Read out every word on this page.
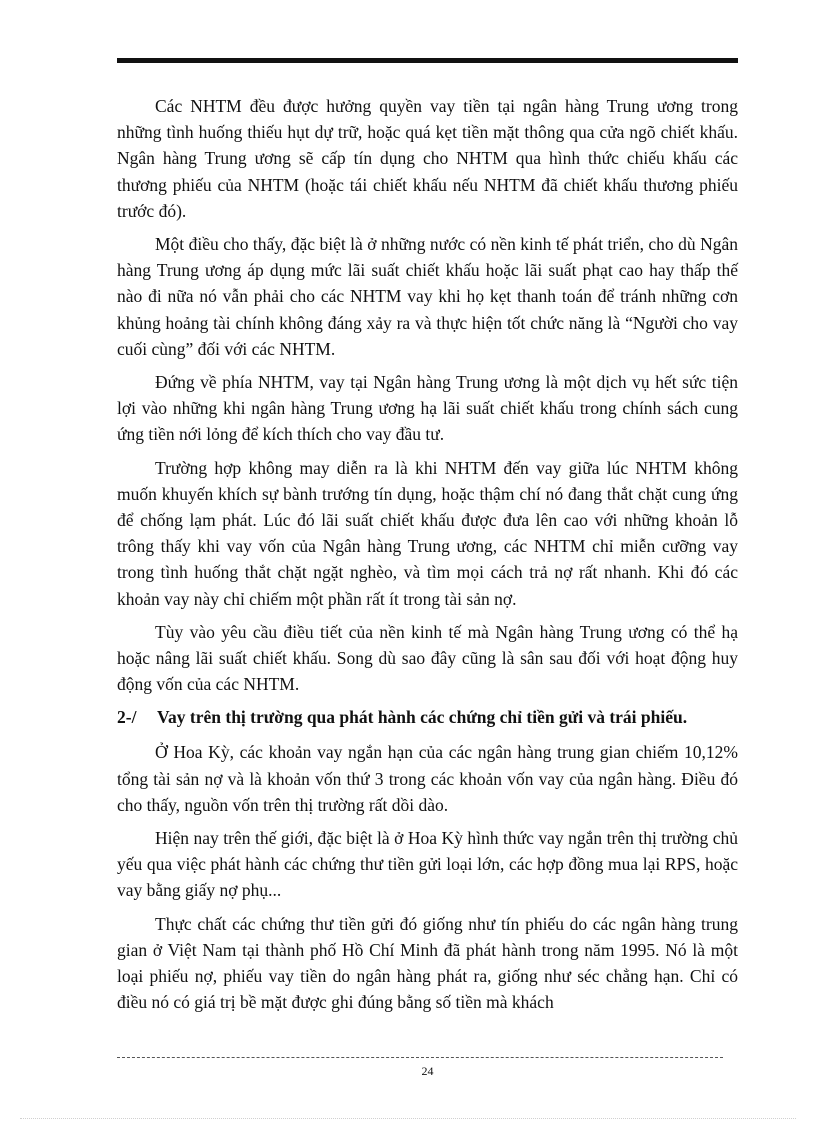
Các NHTM đều được hưởng quyền vay tiền tại ngân hàng Trung ương trong những tình huống thiếu hụt dự trữ, hoặc quá kẹt tiền mặt thông qua cửa ngõ chiết khấu. Ngân hàng Trung ương sẽ cấp tín dụng cho NHTM qua hình thức chiếu khấu các thương phiếu của NHTM (hoặc tái chiết khấu nếu NHTM đã chiết khấu thương phiếu trước đó).

Một điều cho thấy, đặc biệt là ở những nước có nền kinh tế phát triển, cho dù Ngân hàng Trung ương áp dụng mức lãi suất chiết khấu hoặc lãi suất phạt cao hay thấp thế nào đi nữa nó vẫn phải cho các NHTM vay khi họ kẹt thanh toán để tránh những cơn khủng hoảng tài chính không đáng xảy ra và thực hiện tốt chức năng là “Người cho vay cuối cùng” đối với các NHTM.

Đứng về phía NHTM, vay tại Ngân hàng Trung ương là một dịch vụ hết sức tiện lợi vào những khi ngân hàng Trung ương hạ lãi suất chiết khấu trong chính sách cung ứng tiền nới lỏng để kích thích cho vay đầu tư.

Trường hợp không may diễn ra là khi NHTM đến vay giữa lúc NHTM không muốn khuyến khích sự bành trướng tín dụng, hoặc thậm chí nó đang thắt chặt cung ứng để chống lạm phát. Lúc đó lãi suất chiết khấu được đưa lên cao với những khoản lỗ trông thấy khi vay vốn của Ngân hàng Trung ương, các NHTM chỉ miễn cưỡng vay trong tình huống thắt chặt ngặt nghèo, và tìm mọi cách trả nợ rất nhanh. Khi đó các khoản vay này chỉ chiếm một phần rất ít trong tài sản nợ.

Tùy vào yêu cầu điều tiết của nền kinh tế mà Ngân hàng Trung ương có thể hạ hoặc nâng lãi suất chiết khấu. Song dù sao đây cũng là sân sau đối với hoạt động huy động vốn của các NHTM.

2-/	Vay trên thị trường qua phát hành các chứng chỉ tiền gửi và trái phiếu.

Ở Hoa Kỳ, các khoản vay ngắn hạn của các ngân hàng trung gian chiếm 10,12% tổng tài sản nợ và là khoản vốn thứ 3 trong các khoản vốn vay của ngân hàng. Điều đó cho thấy, nguồn vốn trên thị trường rất dồi dào.

Hiện nay trên thế giới, đặc biệt là ở Hoa Kỳ hình thức vay ngắn trên thị trường chủ yếu qua việc phát hành các chứng thư tiền gửi loại lớn, các hợp đồng mua lại RPS, hoặc vay bằng giấy nợ phụ...

Thực chất các chứng thư tiền gửi đó giống như tín phiếu do các ngân hàng trung gian ở Việt Nam tại thành phố Hồ Chí Minh đã phát hành trong năm 1995. Nó là một loại phiếu nợ, phiếu vay tiền do ngân hàng phát ra, giống như séc chẳng hạn. Chỉ có điều nó có giá trị bề mặt được ghi đúng bằng số tiền mà khách

24
